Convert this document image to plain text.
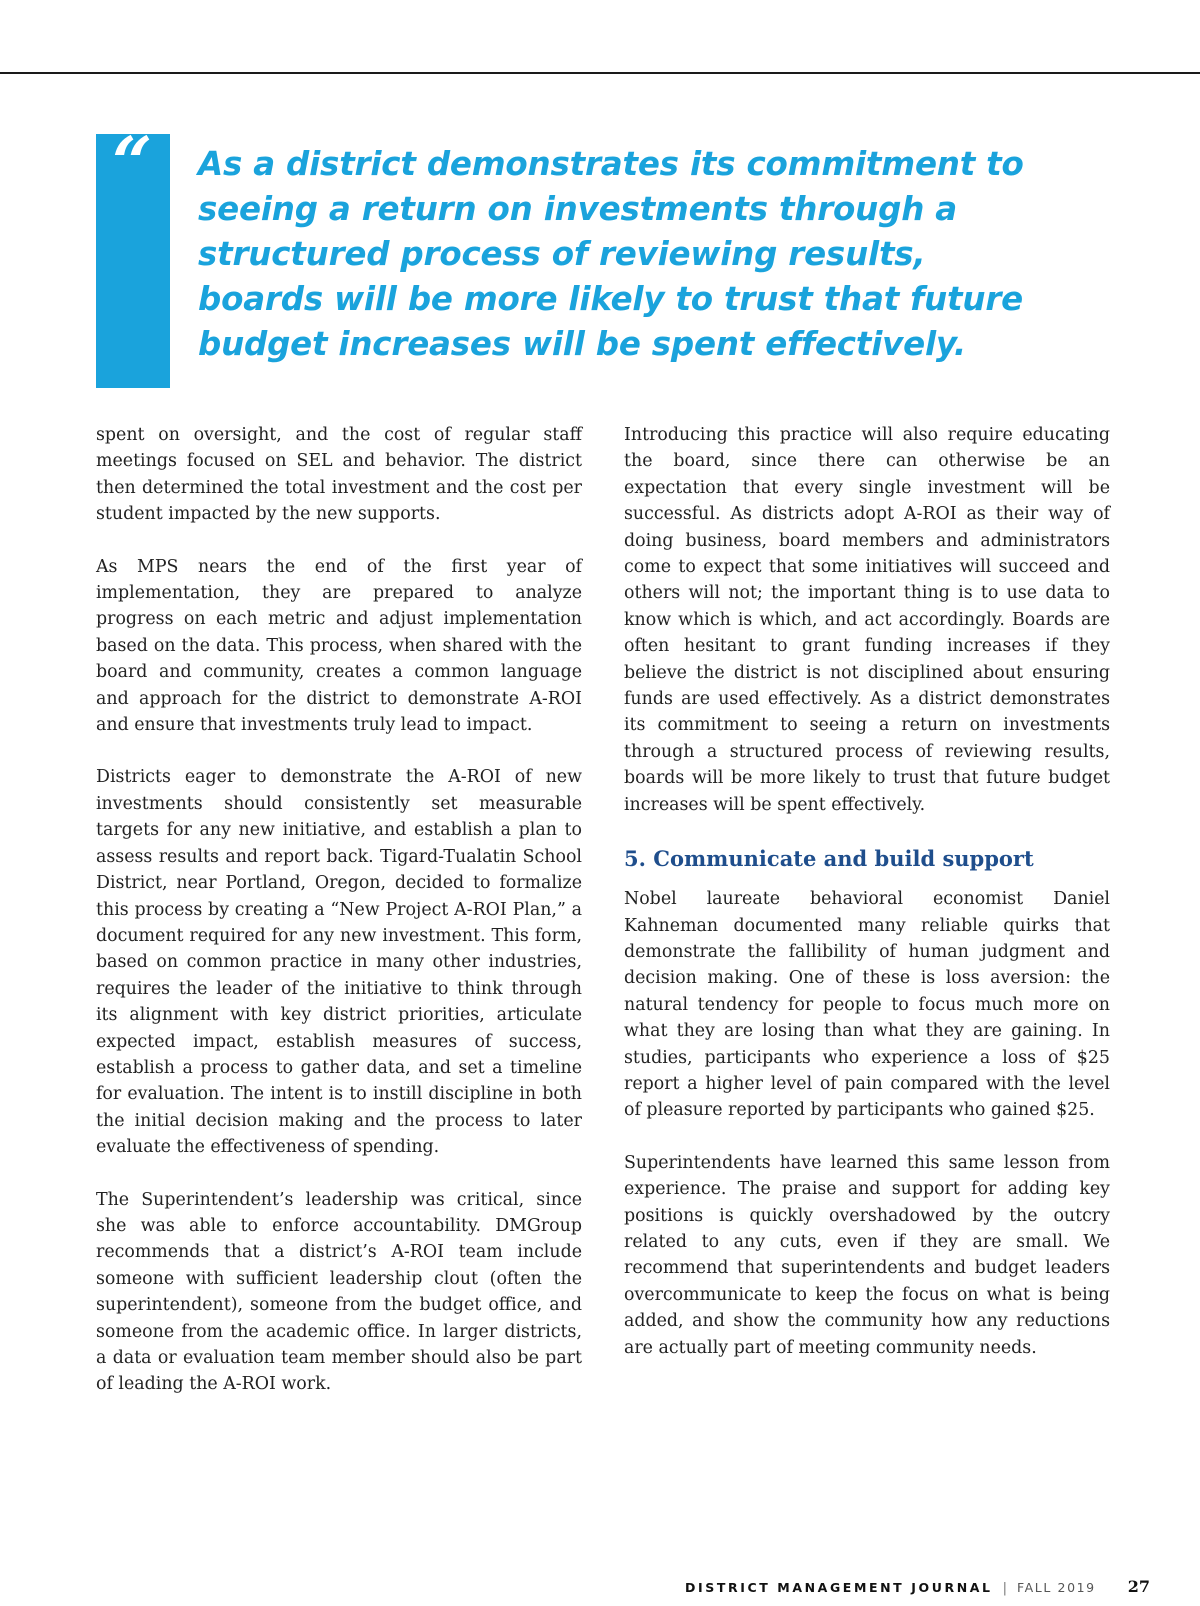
“ As a district demonstrates its commitment to seeing a return on investments through a structured process of reviewing results, boards will be more likely to trust that future budget increases will be spent effectively.

spent on oversight, and the cost of regular staff meetings focused on SEL and behavior. The district then determined the total investment and the cost per student impacted by the new supports.

As MPS nears the end of the first year of implementation, they are prepared to analyze progress on each metric and adjust implementation based on the data. This process, when shared with the board and community, creates a common language and approach for the district to demonstrate A-ROI and ensure that investments truly lead to impact.

Districts eager to demonstrate the A-ROI of new investments should consistently set measurable targets for any new initiative, and establish a plan to assess results and report back. Tigard-Tualatin School District, near Portland, Oregon, decided to formalize this process by creating a “New Project A-ROI Plan,” a document required for any new investment. This form, based on common practice in many other industries, requires the leader of the initiative to think through its alignment with key district priorities, articulate expected impact, establish measures of success, establish a process to gather data, and set a timeline for evaluation. The intent is to instill discipline in both the initial decision making and the process to later evaluate the effectiveness of spending.

The Superintendent’s leadership was critical, since she was able to enforce accountability. DMGroup recommends that a district’s A-ROI team include someone with sufficient leadership clout (often the superintendent), someone from the budget office, and someone from the academic office. In larger districts, a data or evaluation team member should also be part of leading the A-ROI work.

Introducing this practice will also require educating the board, since there can otherwise be an expectation that every single investment will be successful. As districts adopt A-ROI as their way of doing business, board members and administrators come to expect that some initiatives will succeed and others will not; the important thing is to use data to know which is which, and act accordingly. Boards are often hesitant to grant funding increases if they believe the district is not disciplined about ensuring funds are used effectively. As a district demonstrates its commitment to seeing a return on investments through a structured process of reviewing results, boards will be more likely to trust that future budget increases will be spent effectively.

5. Communicate and build support

Nobel laureate behavioral economist Daniel Kahneman documented many reliable quirks that demonstrate the fallibility of human judgment and decision making. One of these is loss aversion: the natural tendency for people to focus much more on what they are losing than what they are gaining. In studies, participants who experience a loss of $25 report a higher level of pain compared with the level of pleasure reported by participants who gained $25.

Superintendents have learned this same lesson from experience. The praise and support for adding key positions is quickly overshadowed by the outcry related to any cuts, even if they are small. We recommend that superintendents and budget leaders overcommunicate to keep the focus on what is being added, and show the community how any reductions are actually part of meeting community needs.

DISTRICT MANAGEMENT JOURNAL | FALL 2019 27
